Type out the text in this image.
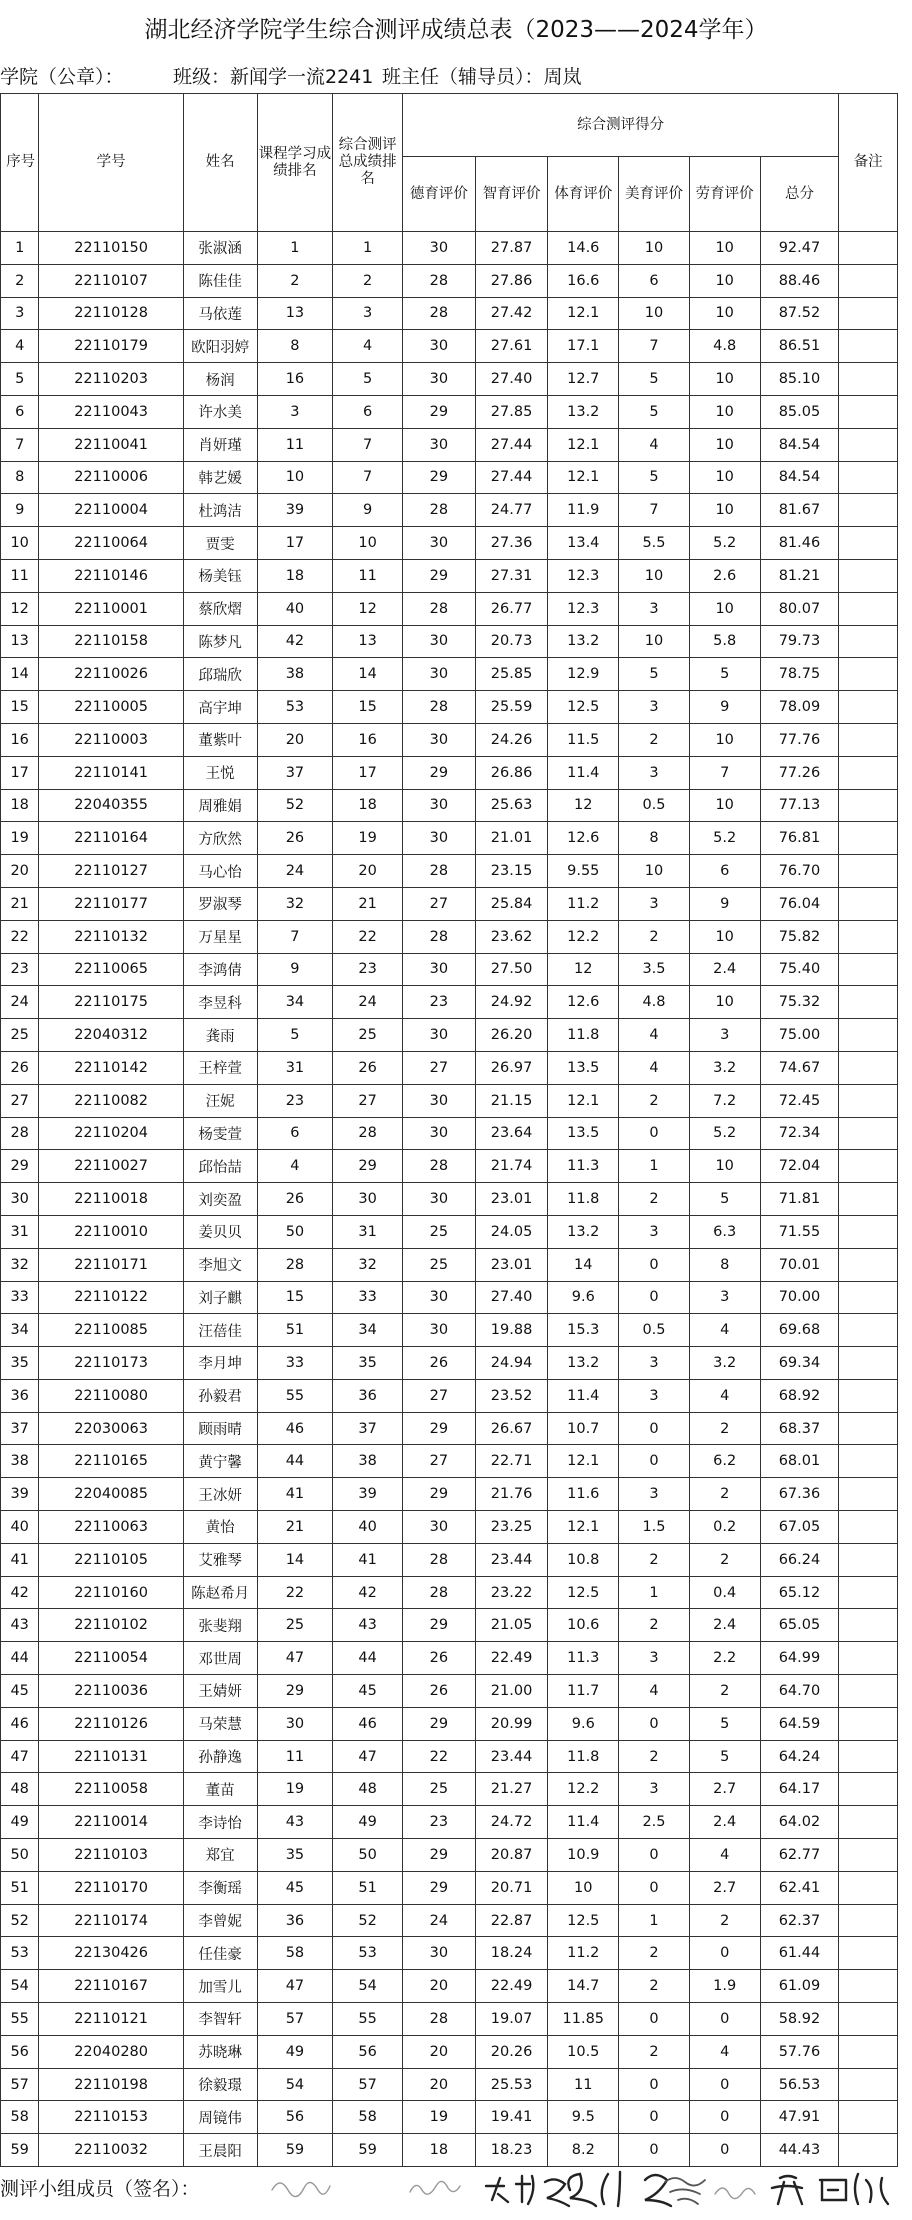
湖北经济学院学生综合测评成绩总表（2023——2024学年）
学院（公章）：	班级：新闻学一流2241 班主任（辅导员）：周岚
序号	学号	姓名	课程学习成绩排名	综合测评总成绩排名	综合测评得分						备注
					德育评价	智育评价	体育评价	美育评价	劳育评价	总分	
1	22110150	张淑涵	1	1	30	27.87	14.6	10	10	92.47	
2	22110107	陈佳佳	2	2	28	27.86	16.6	6	10	88.46	
3	22110128	马依莲	13	3	28	27.42	12.1	10	10	87.52	
4	22110179	欧阳羽婷	8	4	30	27.61	17.1	7	4.8	86.51	
5	22110203	杨润	16	5	30	27.40	12.7	5	10	85.10	
6	22110043	许水美	3	6	29	27.85	13.2	5	10	85.05	
7	22110041	肖妍瑾	11	7	30	27.44	12.1	4	10	84.54	
8	22110006	韩艺媛	10	7	29	27.44	12.1	5	10	84.54	
9	22110004	杜鸿洁	39	9	28	24.77	11.9	7	10	81.67	
10	22110064	贾雯	17	10	30	27.36	13.4	5.5	5.2	81.46	
11	22110146	杨美钰	18	11	29	27.31	12.3	10	2.6	81.21	
12	22110001	蔡欣熠	40	12	28	26.77	12.3	3	10	80.07	
13	22110158	陈梦凡	42	13	30	20.73	13.2	10	5.8	79.73	
14	22110026	邱瑞欣	38	14	30	25.85	12.9	5	5	78.75	
15	22110005	高宇坤	53	15	28	25.59	12.5	3	9	78.09	
16	22110003	董紫叶	20	16	30	24.26	11.5	2	10	77.76	
17	22110141	王悦	37	17	29	26.86	11.4	3	7	77.26	
18	22040355	周雅娟	52	18	30	25.63	12	0.5	10	77.13	
19	22110164	方欣然	26	19	30	21.01	12.6	8	5.2	76.81	
20	22110127	马心怡	24	20	28	23.15	9.55	10	6	76.70	
21	22110177	罗淑琴	32	21	27	25.84	11.2	3	9	76.04	
22	22110132	万星星	7	22	28	23.62	12.2	2	10	75.82	
23	22110065	李鸿倩	9	23	30	27.50	12	3.5	2.4	75.40	
24	22110175	李昱科	34	24	23	24.92	12.6	4.8	10	75.32	
25	22040312	龚雨	5	25	30	26.20	11.8	4	3	75.00	
26	22110142	王梓萱	31	26	27	26.97	13.5	4	3.2	74.67	
27	22110082	汪妮	23	27	30	21.15	12.1	2	7.2	72.45	
28	22110204	杨雯萱	6	28	30	23.64	13.5	0	5.2	72.34	
29	22110027	邱怡喆	4	29	28	21.74	11.3	1	10	72.04	
30	22110018	刘奕盈	26	30	30	23.01	11.8	2	5	71.81	
31	22110010	姜贝贝	50	31	25	24.05	13.2	3	6.3	71.55	
32	22110171	李旭文	28	32	25	23.01	14	0	8	70.01	
33	22110122	刘子麒	15	33	30	27.40	9.6	0	3	70.00	
34	22110085	汪蓓佳	51	34	30	19.88	15.3	0.5	4	69.68	
35	22110173	李月坤	33	35	26	24.94	13.2	3	3.2	69.34	
36	22110080	孙毅君	55	36	27	23.52	11.4	3	4	68.92	
37	22030063	顾雨晴	46	37	29	26.67	10.7	0	2	68.37	
38	22110165	黄宁馨	44	38	27	22.71	12.1	0	6.2	68.01	
39	22040085	王冰妍	41	39	29	21.76	11.6	3	2	67.36	
40	22110063	黄怡	21	40	30	23.25	12.1	1.5	0.2	67.05	
41	22110105	艾雅琴	14	41	28	23.44	10.8	2	2	66.24	
42	22110160	陈赵希月	22	42	28	23.22	12.5	1	0.4	65.12	
43	22110102	张斐翔	25	43	29	21.05	10.6	2	2.4	65.05	
44	22110054	邓世周	47	44	26	22.49	11.3	3	2.2	64.99	
45	22110036	王婧妍	29	45	26	21.00	11.7	4	2	64.70	
46	22110126	马荣慧	30	46	29	20.99	9.6	0	5	64.59	
47	22110131	孙静逸	11	47	22	23.44	11.8	2	5	64.24	
48	22110058	董苗	19	48	25	21.27	12.2	3	2.7	64.17	
49	22110014	李诗怡	43	49	23	24.72	11.4	2.5	2.4	64.02	
50	22110103	郑宜	35	50	29	20.87	10.9	0	4	62.77	
51	22110170	李衡瑶	45	51	29	20.71	10	0	2.7	62.41	
52	22110174	李曾妮	36	52	24	22.87	12.5	1	2	62.37	
53	22130426	任佳豪	58	53	30	18.24	11.2	2	0	61.44	
54	22110167	加雪儿	47	54	20	22.49	14.7	2	1.9	61.09	
55	22110121	李智轩	57	55	28	19.07	11.85	0	0	58.92	
56	22040280	苏晓琳	49	56	20	20.26	10.5	2	4	57.76	
57	22110198	徐毅璟	54	57	20	25.53	11	0	0	56.53	
58	22110153	周镜伟	56	58	19	19.41	9.5	0	0	47.91	
59	22110032	王晨阳	59	59	18	18.23	8.2	0	0	44.43	
测评小组成员（签名）：
